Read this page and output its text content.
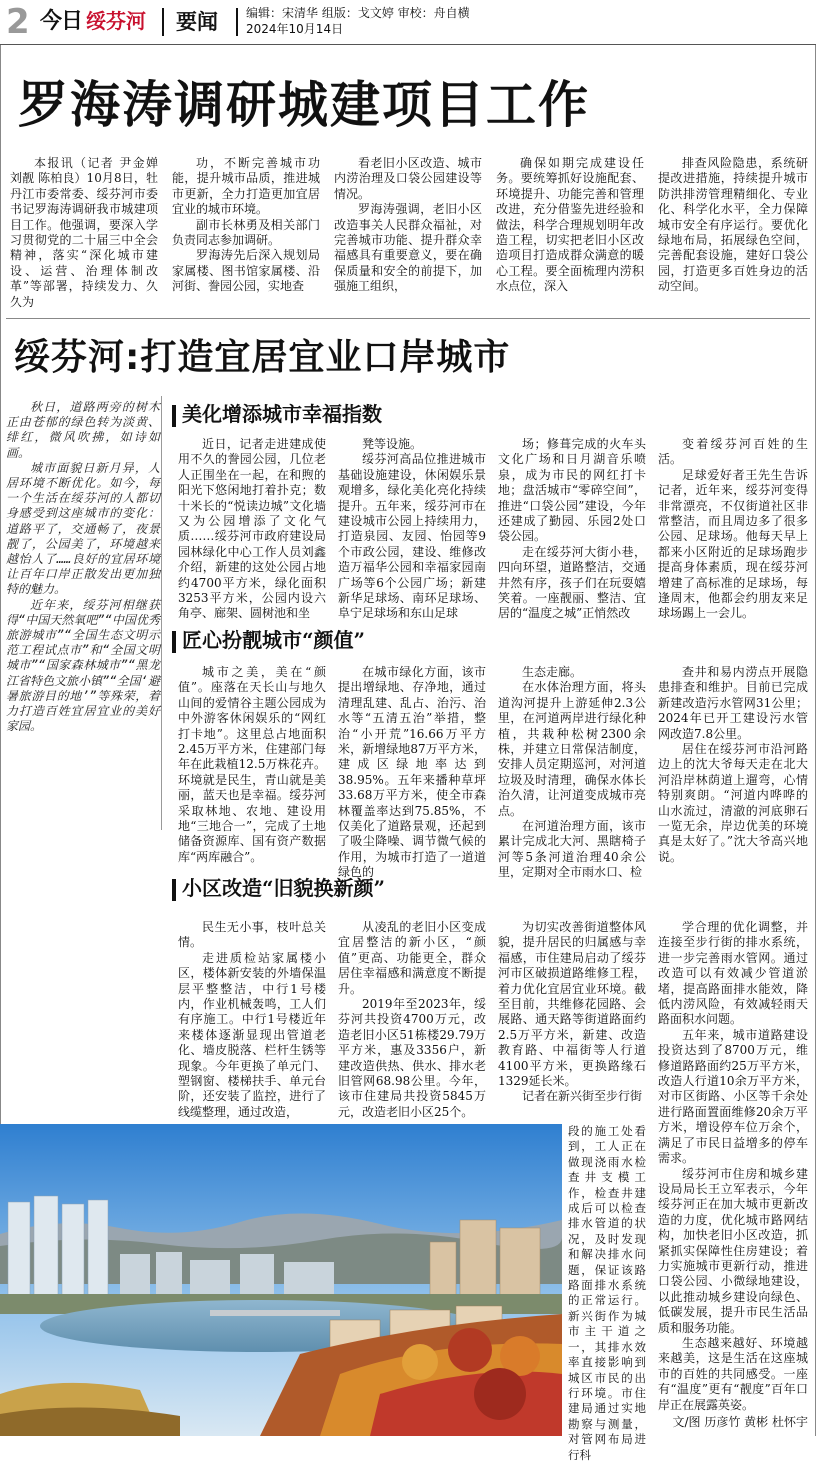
2 今日 绥芬河 要闻 编辑：宋清华 组版：戈文婷 审校：舟自横
2024年10月14日
罗海涛调研城建项目工作

本报讯（记者 尹金婵 刘靓 陈柏良）10月8日，牡丹江市委常委、绥芬河市委书记罗海涛调研我市城建项目工作。他强调，要深入学习贯彻党的二十届三中全会精神，落实“深化城市建设、运营、治理体制改革”等部署，持续发力、久久为

功，不断完善城市功能，提升城市品质，推进城市更新，全力打造更加宜居宜业的城市环境。

副市长林勇及相关部门负责同志参加调研。

罗海涛先后深入规划局家属楼、图书馆家属楼、沿河街、誊园公园，实地查

看老旧小区改造、城市内涝治理及口袋公园建设等情况。

罗海涛强调，老旧小区改造事关人民群众福祉，对完善城市功能、提升群众幸福感具有重要意义，要在确保质量和安全的前提下，加强施工组织，

确保如期完成建设任务。要统筹抓好设施配套、环境提升、功能完善和管理改进，充分借鉴先进经验和做法，科学合理规划明年改造工程，切实把老旧小区改造项目打造成群众满意的暖心工程。要全面梳理内涝积水点位，深入

排查风险隐患，系统研提改进措施，持续提升城市防洪排涝管理精细化、专业化、科学化水平，全力保障城市安全有序运行。要优化绿地布局，拓展绿色空间，完善配套设施，建好口袋公园，打造更多百姓身边的活动空间。

绥芬河:打造宜居宜业口岸城市

秋日，道路两旁的树木正由苍郁的绿色转为淡黄、绯红，微风吹拂，如诗如画。

城市面貌日新月异，人居环境不断优化。如今，每一个生活在绥芬河的人都切身感受到这座城市的变化：道路平了，交通畅了，夜景靓了，公园美了，环境越来越怡人了……良好的宜居环境让百年口岸正散发出更加独特的魅力。

近年来，绥芬河相继获得“中国天然氧吧”“中国优秀旅游城市”“全国生态文明示范工程试点市”和“全国文明城市”“国家森林城市”“黑龙江省特色文旅小镇”“全国‘避暑旅游目的地’”等殊荣，着力打造百姓宜居宜业的美好家园。

美化增添城市幸福指数

近日，记者走进建成使用不久的誊园公园，几位老人正围坐在一起，在和煦的阳光下悠闲地打着扑克；数十米长的“悦读边城”文化墙又为公园增添了文化气质……绥芬河市政府建设局园林绿化中心工作人员刘鑫介绍，新建的这处公园占地约4700平方米，绿化面积3253平方米，公园内设六角亭、廊架、圆树池和坐

凳等设施。

绥芬河高品位推进城市基础设施建设，休闲娱乐景观增多，绿化美化亮化持续提升。五年来，绥芬河市在建设城市公园上持续用力，打造泉园、友园、怡园等9个市政公园，建设、维修改造万福华公园和幸福家园南广场等6个公园广场；新建新华足球场、南环足球场、阜宁足球场和东山足球

场；修葺完成的火车头文化广场和日月湖音乐喷泉，成为市民的网红打卡地；盘活城市“零碎空间”，推进“口袋公园”建设，今年还建成了勤园、乐园2处口袋公园。

走在绥芬河大街小巷，四向环望，道路整洁，交通井然有序，孩子们在玩耍嬉笑着。一座靓丽、整洁、宜居的“温度之城”正悄然改

变着绥芬河百姓的生活。

足球爱好者王先生告诉记者，近年来，绥芬河变得非常漂亮，不仅街道社区非常整洁，而且周边多了很多公园、足球场。他每天早上都来小区附近的足球场跑步提高身体素质，现在绥芬河增建了高标准的足球场，每逢周末，他都会约朋友来足球场踢上一会儿。

匠心扮靓城市“颜值”

城市之美，美在“颜值”。座落在天长山与地久山间的爱情谷主题公园成为中外游客休闲娱乐的“网红打卡地”。这里总占地面积2.45万平方米，住建部门每年在此栽植12.5万株花卉。环境就是民生，青山就是美丽，蓝天也是幸福。绥芬河采取林地、农地、建设用地“三地合一”，完成了土地储备资源库、国有资产数据库“两库融合”。

在城市绿化方面，该市提出增绿地、存净地，通过清理乱建、乱占、治污、治水等“五清五治”举措，整治“小开荒”16.66万平方米，新增绿地87万平方米，建成区绿地率达到38.95%。五年来播种草坪33.68万平方米，使全市森林覆盖率达到75.85%，不仅美化了道路景观，还起到了吸尘降噪、调节微气候的作用，为城市打造了一道道绿色的

生态走廊。

在水体治理方面，将头道沟河提升上游延伸2.3公里，在河道两岸进行绿化种植，共栽种松树2300余株，并建立日常保洁制度，安排人员定期巡河，对河道垃圾及时清理，确保水体长治久清，让河道变成城市亮点。

在河道治理方面，该市累计完成北大河、黑瞎椅子河等5条河道治理40余公里，定期对全市雨水口、检

查井和易内涝点开展隐患排查和维护。目前已完成新建改造污水管网31公里；2024年已开工建设污水管网改造7.8公里。

居住在绥芬河市沿河路边上的沈大爷每天走在北大河沿岸林荫道上遛弯，心情特别爽朗。“河道内哗哗的山水流过，清澈的河底卵石一览无余，岸边优美的环境真是太好了。”沈大爷高兴地说。

小区改造“旧貌换新颜”

民生无小事，枝叶总关情。

走进质检站家属楼小区，楼体新安装的外墙保温层平整整洁，中行1号楼内，作业机械轰鸣，工人们有序施工。中行1号楼近年来楼体逐渐显现出管道老化、墙皮脱落、栏杆生锈等现象。今年更换了单元门、塑钢窗、楼梯扶手、单元台阶，还安装了监控，进行了线缆整理，通过改造，

从凌乱的老旧小区变成宜居整洁的新小区，“颜值”更高、功能更全，群众居住幸福感和满意度不断提升。

2019年至2023年，绥芬河共投资4700万元，改造老旧小区51栋楼29.79万平方米，惠及3356户，新建改造供热、供水、排水老旧管网68.98公里。今年，该市住建局共投资5845万元，改造老旧小区25个。

为切实改善街道整体风貌，提升居民的归属感与幸福感，市住建局启动了绥芬河市区破损道路维修工程，着力优化宜居宜业环境。截至目前，共维修花园路、会展路、通天路等街道路面约2.5万平方米，新建、改造教育路、中福街等人行道4100平方米，更换路缘石1329延长米。

记者在新兴街至步行街

段的施工处看到，工人正在做现浇雨水检查井支模工作，检查井建成后可以检查排水管道的状况，及时发现和解决排水问题，保证该路路面排水系统的正常运行。新兴街作为城市主干道之一，其排水效率直接影响到城区市民的出行环境。市住建局通过实地勘察与测量，对管网布局进行科

学合理的优化调整，并连接至步行街的排水系统，进一步完善雨水管网。通过改造可以有效减少管道淤堵，提高路面排水能效，降低内涝风险，有效减轻雨天路面积水问题。

五年来，城市道路建设投资达到了8700万元，维修道路路面约25万平方米，改造人行道10余万平方米，对市区街路、小区等千余处进行路面置面维修20余万平方米，增设停车位万余个，满足了市民日益增多的停车需求。

绥芬河市住房和城乡建设局局长王立军表示，今年绥芬河正在加大城市更新改造的力度，优化城市路网结构，加快老旧小区改造，抓紧抓实保障性住房建设；着力实施城市更新行动，推进口袋公园、小微绿地建设，以此推动城乡建设向绿色、低碳发展，提升市民生活品质和服务功能。

生态越来越好、环境越来越美，这是生活在这座城市的百姓的共同感受。一座有“温度”更有“靓度”百年口岸正在展露英姿。

文/图 历彦竹 黄彬 杜怀宇
